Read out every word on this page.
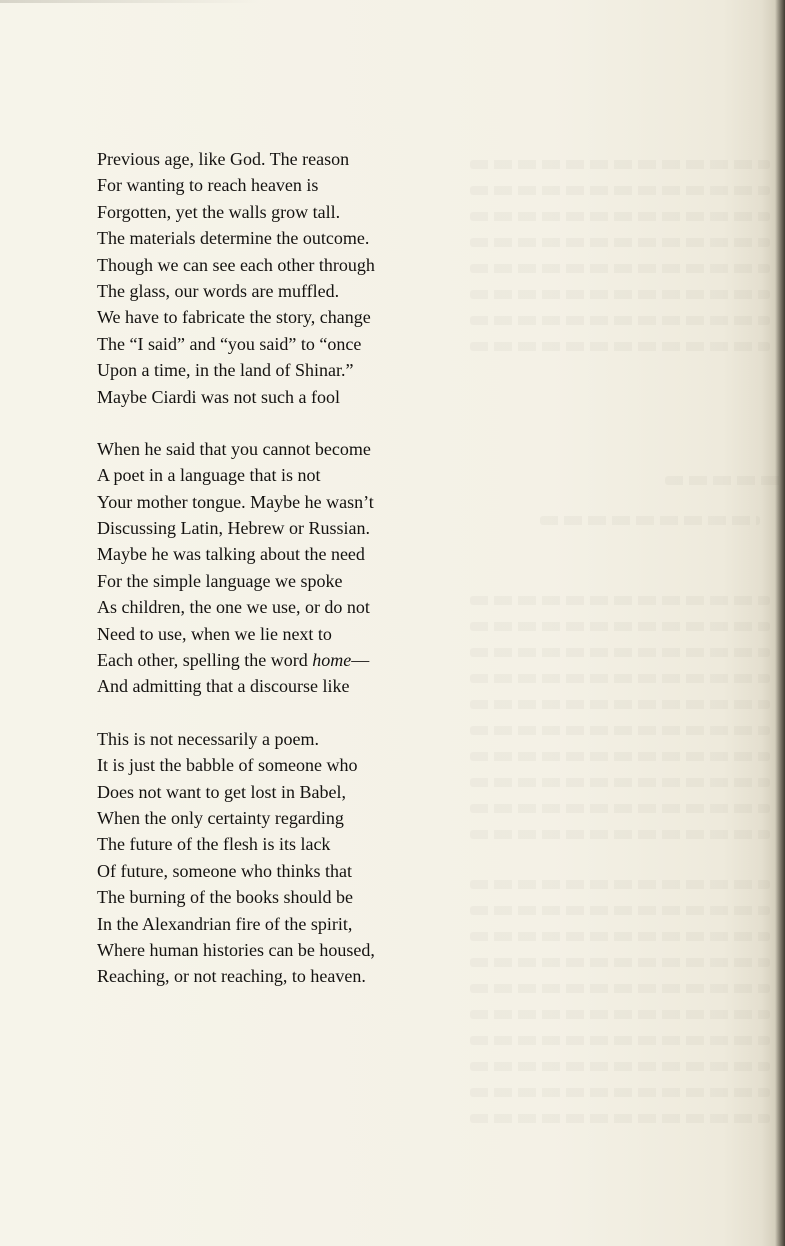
Previous age, like God. The reason
For wanting to reach heaven is
Forgotten, yet the walls grow tall.
The materials determine the outcome.
Though we can see each other through
The glass, our words are muffled.
We have to fabricate the story, change
The “I said” and “you said” to “once
Upon a time, in the land of Shinar.”
Maybe Ciardi was not such a fool
When he said that you cannot become
A poet in a language that is not
Your mother tongue. Maybe he wasn’t
Discussing Latin, Hebrew or Russian.
Maybe he was talking about the need
For the simple language we spoke
As children, the one we use, or do not
Need to use, when we lie next to
Each other, spelling the word home—
And admitting that a discourse like
This is not necessarily a poem.
It is just the babble of someone who
Does not want to get lost in Babel,
When the only certainty regarding
The future of the flesh is its lack
Of future, someone who thinks that
The burning of the books should be
In the Alexandrian fire of the spirit,
Where human histories can be housed,
Reaching, or not reaching, to heaven.
